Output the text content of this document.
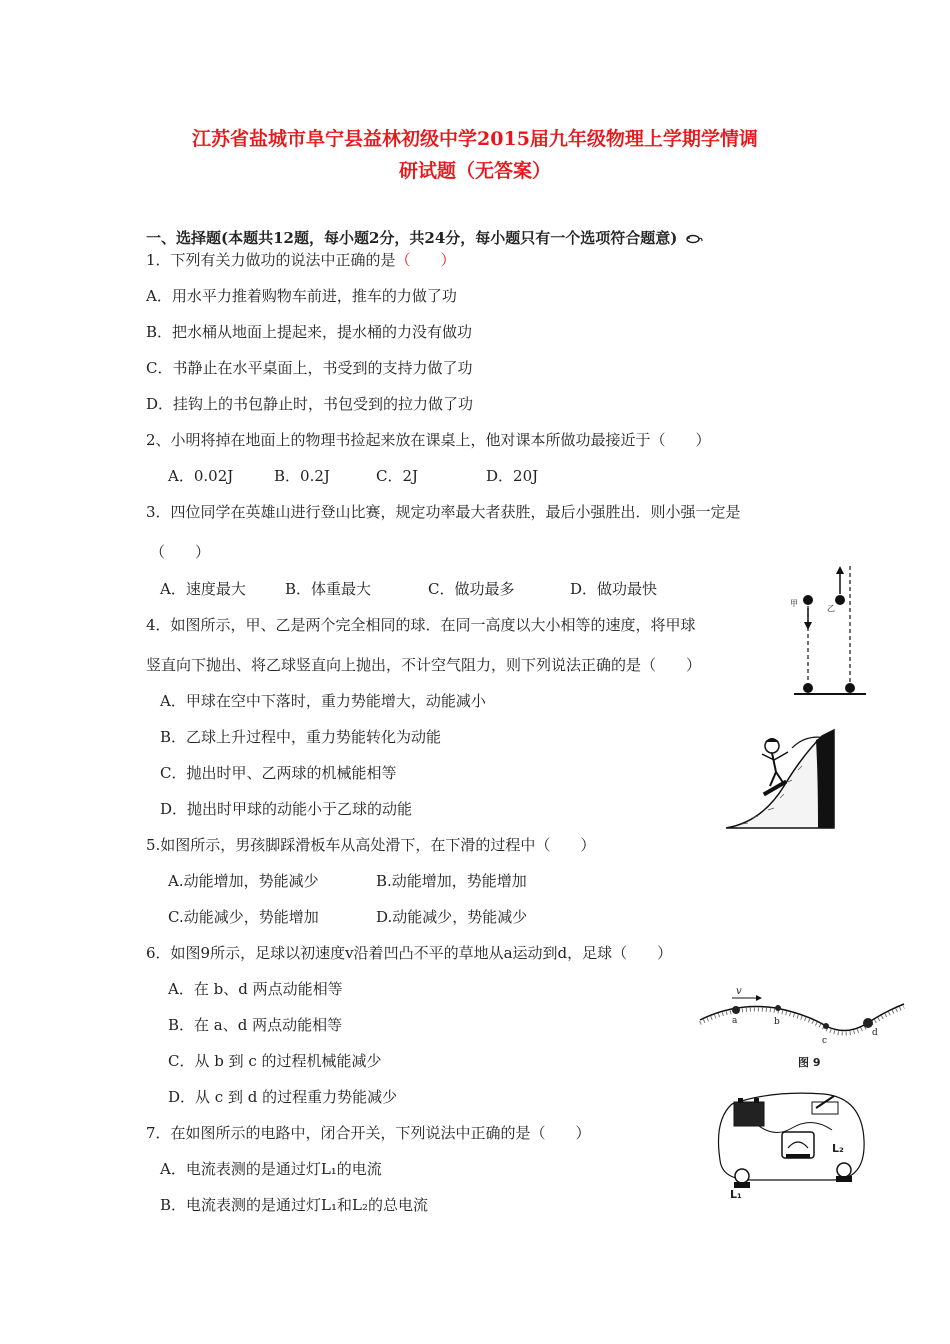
江苏省盐城市阜宁县益林初级中学2015届九年级物理上学期学情调
研试题（无答案）
一、选择题(本题共12题，每小题2分，共24分，每小题只有一个选项符合题意)
1．下列有关力做功的说法中正确的是（　　）
A．用水平力推着购物车前进，推车的力做了功
B．把水桶从地面上提起来，提水桶的力没有做功
C．书静止在水平桌面上，书受到的支持力做了功
D．挂钩上的书包静止时，书包受到的拉力做了功
2、小明将掉在地面上的物理书捡起来放在课桌上，他对课本所做功最接近于（　　）
A．0.02J	B．0.2J	C．2J	D．20J
3．四位同学在英雄山进行登山比赛，规定功率最大者获胜，最后小强胜出．则小强一定是
（　　）
A．速度最大	B．体重最大	C．做功最多	D．做功最快
4．如图所示，甲、乙是两个完全相同的球．在同一高度以大小相等的速度，将甲球
竖直向下抛出、将乙球竖直向上抛出，不计空气阻力，则下列说法正确的是（　　）
A．甲球在空中下落时，重力势能增大，动能减小
B．乙球上升过程中，重力势能转化为动能
C．抛出时甲、乙两球的机械能相等
D．抛出时甲球的动能小于乙球的动能
甲
乙
5.如图所示，男孩脚踩滑板车从高处滑下，在下滑的过程中（　　）
A.动能增加，势能减少	B.动能增加，势能增加
C.动能减少，势能增加	D.动能减少，势能减少
6．如图9所示，足球以初速度v沿着凹凸不平的草地从a运动到d，足球（　　）
A．在 b、d 两点动能相等
B．在 a、d 两点动能相等
C．从 b 到 c 的过程机械能减少
D．从 c 到 d 的过程重力势能减少
v
a	b
c
d
图 9
7．在如图所示的电路中，闭合开关，下列说法中正确的是（　　）
A．电流表测的是通过灯L₁的电流
B．电流表测的是通过灯L₁和L₂的总电流
L₁
L₂
